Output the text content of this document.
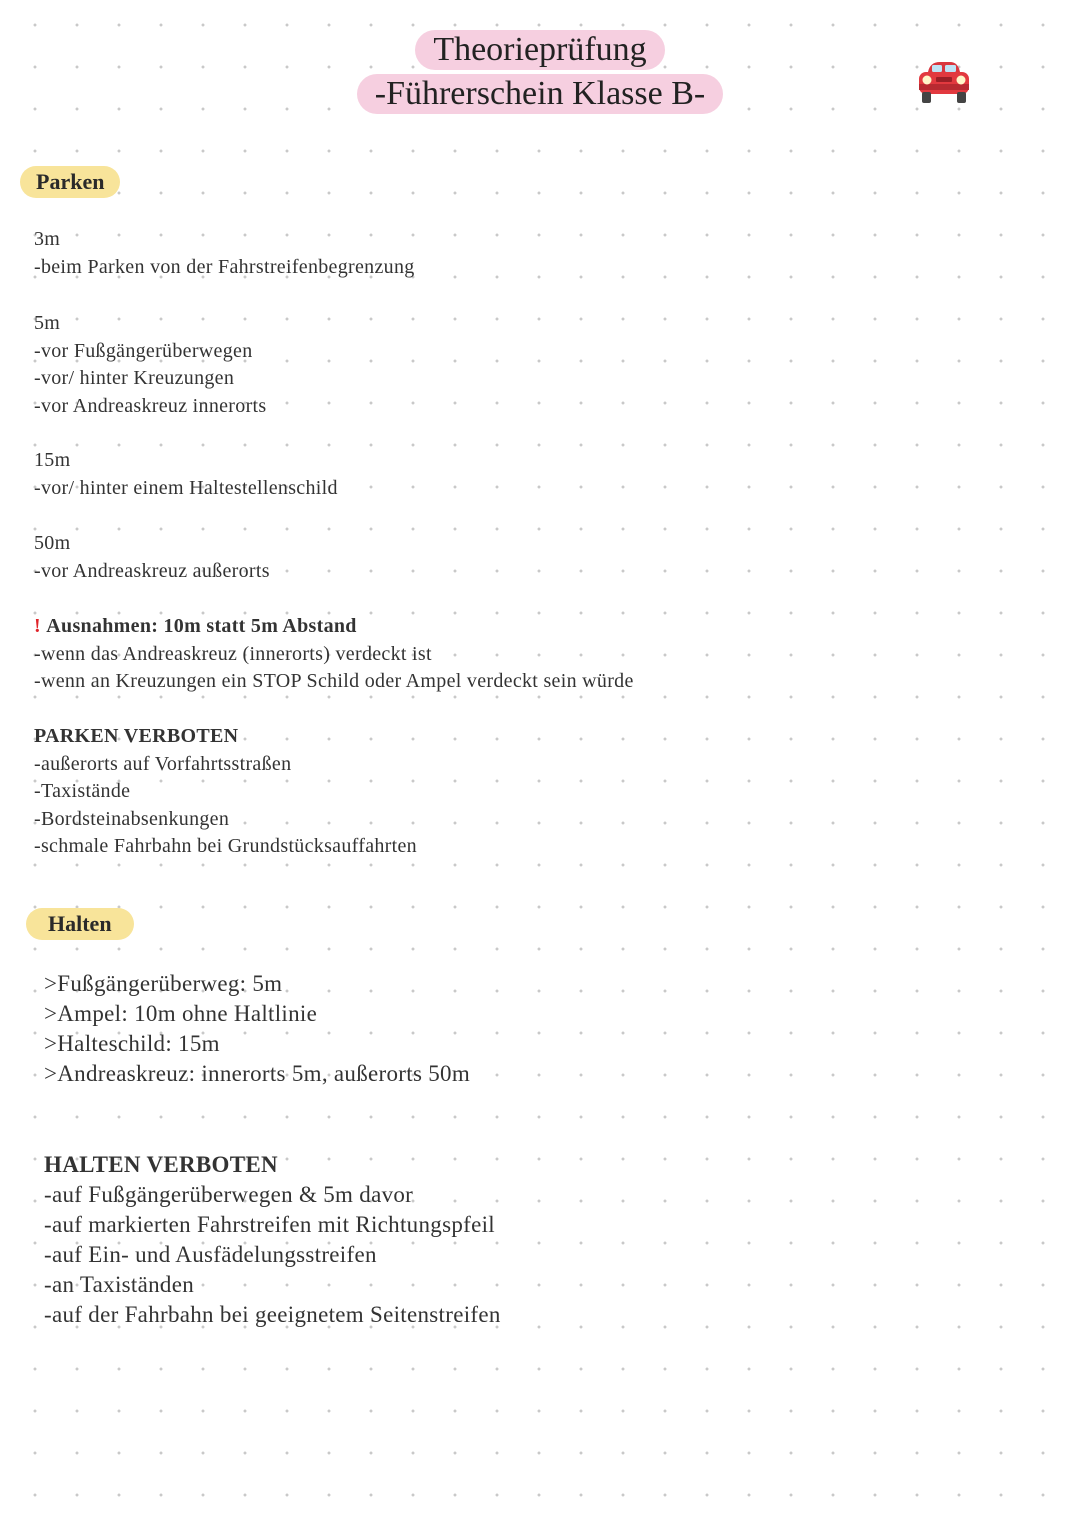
Theorieprüfung
-Führerschein Klasse B-
Parken
3m
-beim Parken von der Fahrstreifenbegrenzung
5m
-vor Fußgängerüberwegen
-vor/ hinter Kreuzungen
-vor Andreaskreuz innerorts
15m
-vor/ hinter einem Haltestellenschild
50m
-vor Andreaskreuz außerorts
! Ausnahmen: 10m statt 5m Abstand
-wenn das Andreaskreuz (innerorts) verdeckt ist
-wenn an Kreuzungen ein STOP Schild oder Ampel verdeckt sein würde
PARKEN VERBOTEN
-außerorts auf Vorfahrtsstraßen
-Taxistände
-Bordsteinabsenkungen
-schmale Fahrbahn bei Grundstücksauffahrten
Halten
>Fußgängerüberweg: 5m
>Ampel: 10m ohne Haltlinie
>Halteschild: 15m
>Andreaskreuz: innerorts 5m, außerorts 50m
HALTEN VERBOTEN
-auf Fußgängerüberwegen & 5m davor
-auf markierten Fahrstreifen mit Richtungspfeil
-auf Ein- und Ausfädelungsstreifen
-an Taxiständen
-auf der Fahrbahn bei geeignetem Seitenstreifen
